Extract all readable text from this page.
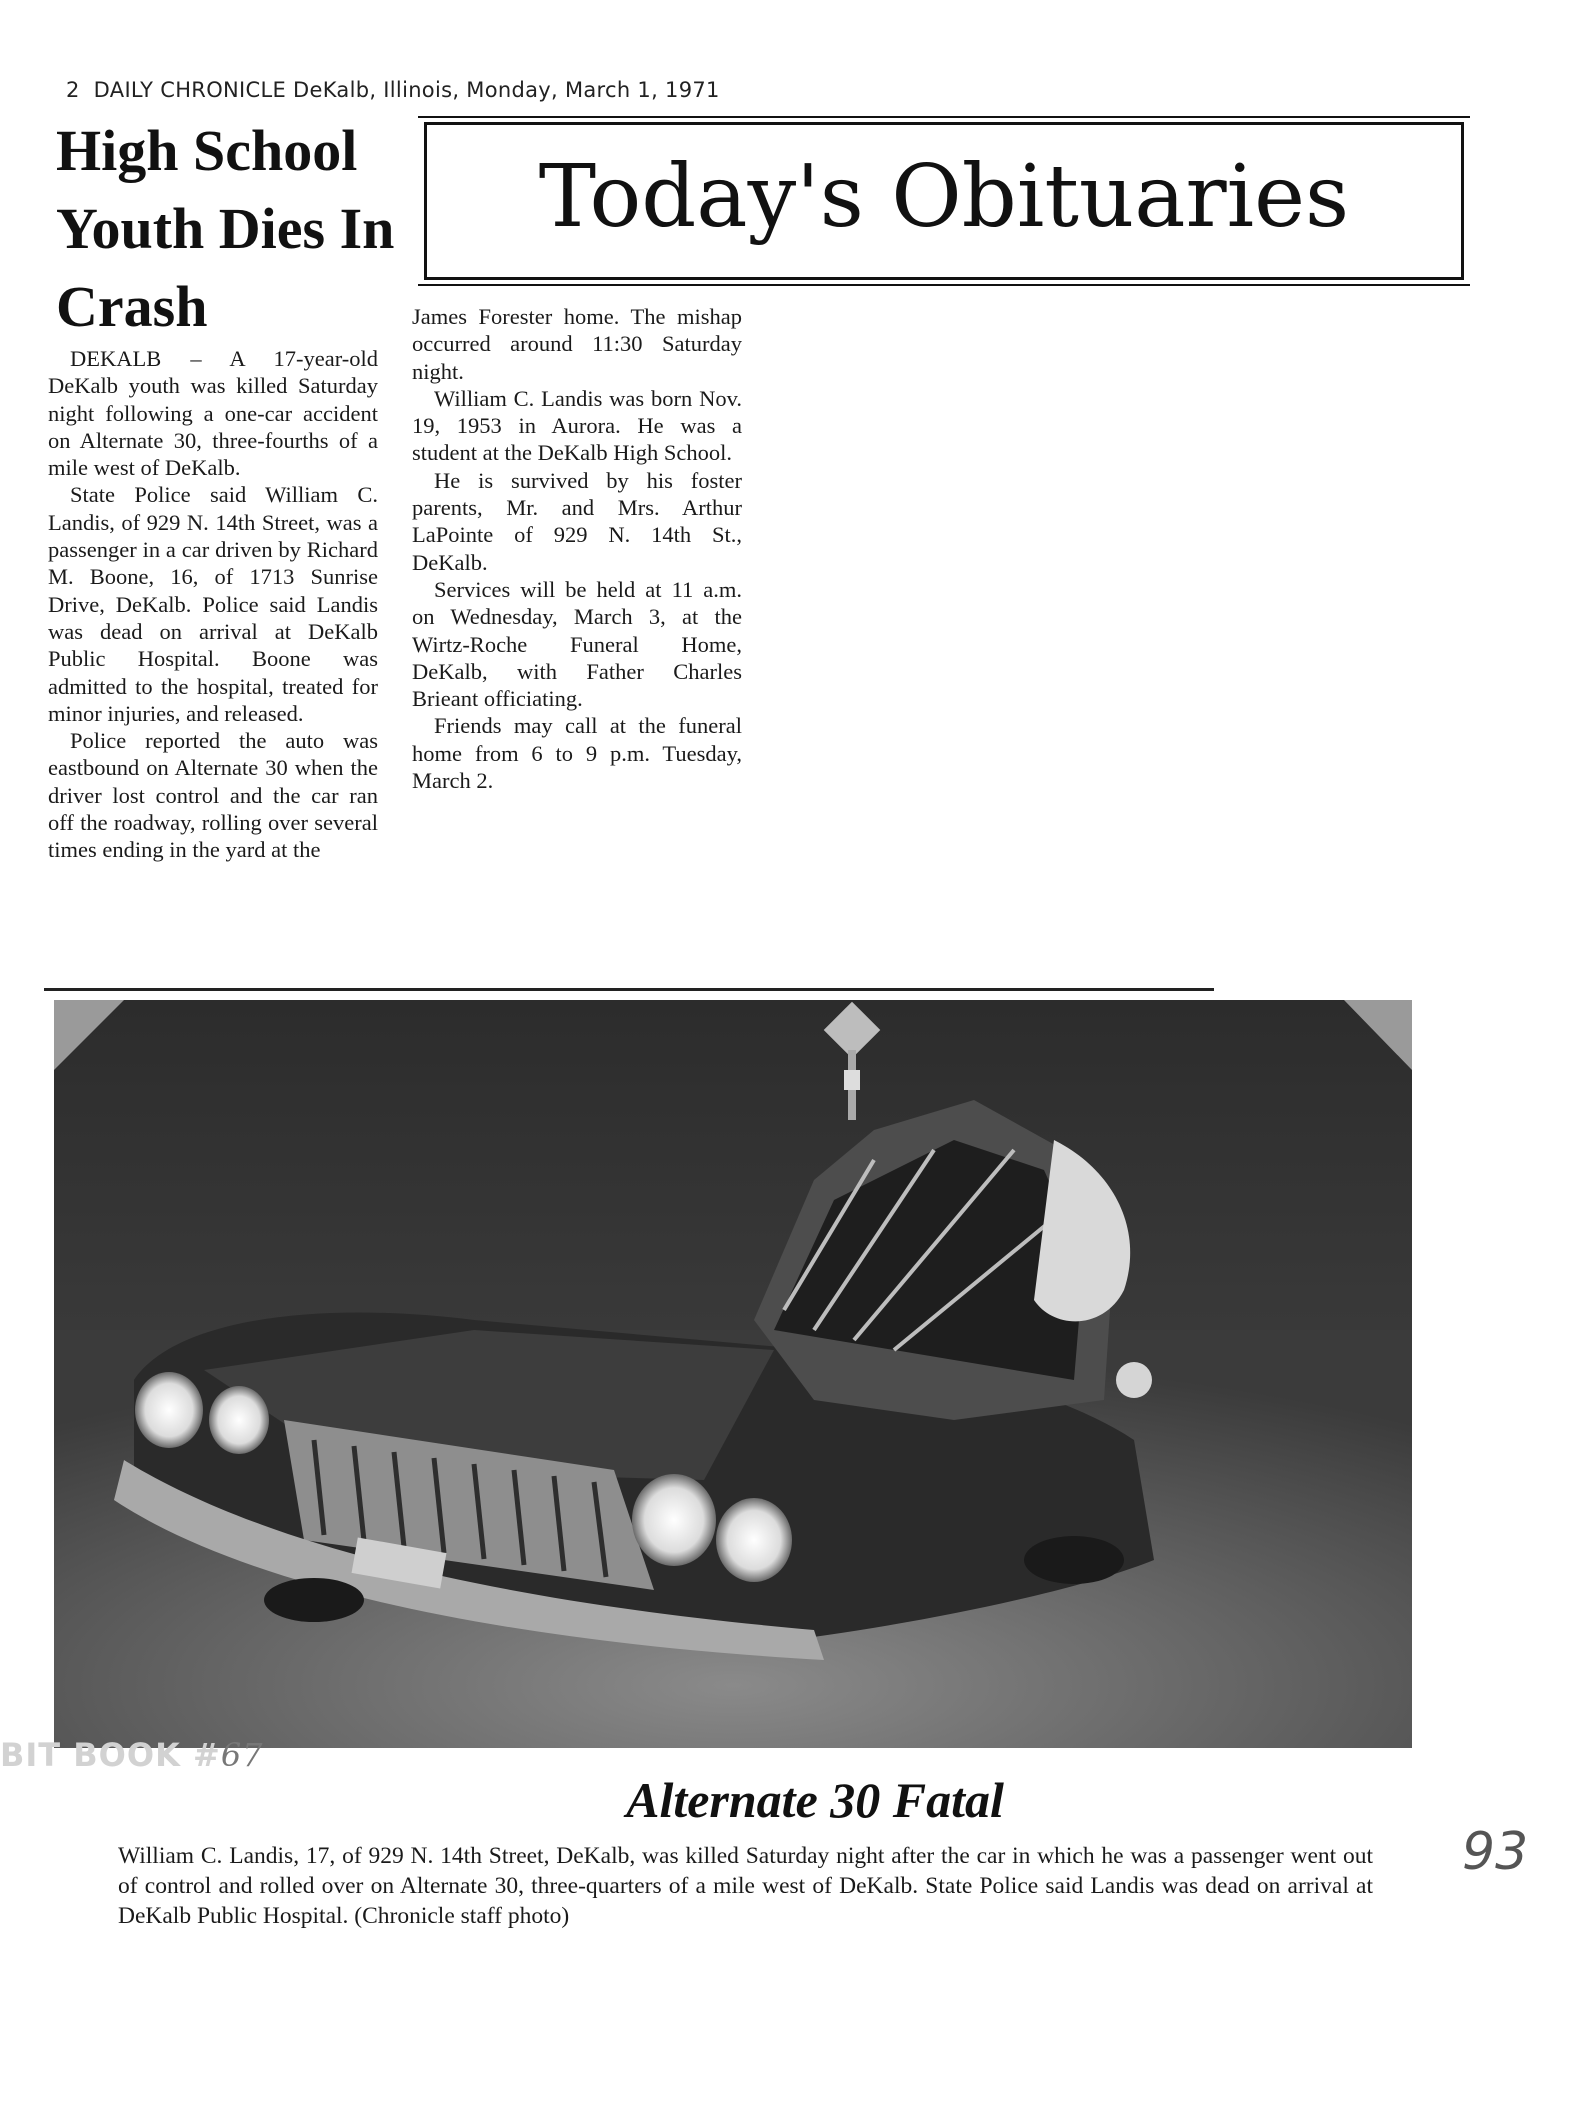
2 DAILY CHRONICLE DeKalb, Illinois, Monday, March 1, 1971
High School Youth Dies In Crash
Today's Obituaries

DEKALB – A 17-year-old DeKalb youth was killed Saturday night following a one-car accident on Alternate 30, three-fourths of a mile west of DeKalb.

State Police said William C. Landis, of 929 N. 14th Street, was a passenger in a car driven by Richard M. Boone, 16, of 1713 Sunrise Drive, DeKalb. Police said Landis was dead on arrival at DeKalb Public Hospital. Boone was admitted to the hospital, treated for minor injuries, and released.

Police reported the auto was eastbound on Alternate 30 when the driver lost control and the car ran off the roadway, rolling over several times ending in the yard at the

James Forester home. The mishap occurred around 11:30 Saturday night.

William C. Landis was born Nov. 19, 1953 in Aurora. He was a student at the DeKalb High School.

He is survived by his foster parents, Mr. and Mrs. Arthur LaPointe of 929 N. 14th St., DeKalb.

Services will be held at 11 a.m. on Wednesday, March 3, at the Wirtz-Roche Funeral Home, DeKalb, with Father Charles Brieant officiating.

Friends may call at the funeral home from 6 to 9 p.m. Tuesday, March 2.

BIT BOOK #67
Alternate 30 Fatal
William C. Landis, 17, of 929 N. 14th Street, DeKalb, was killed Saturday night after the car in which he was a passenger went out of control and rolled over on Alternate 30, three-quarters of a mile west of DeKalb. State Police said Landis was dead on arrival at DeKalb Public Hospital. (Chronicle staff photo)
93
